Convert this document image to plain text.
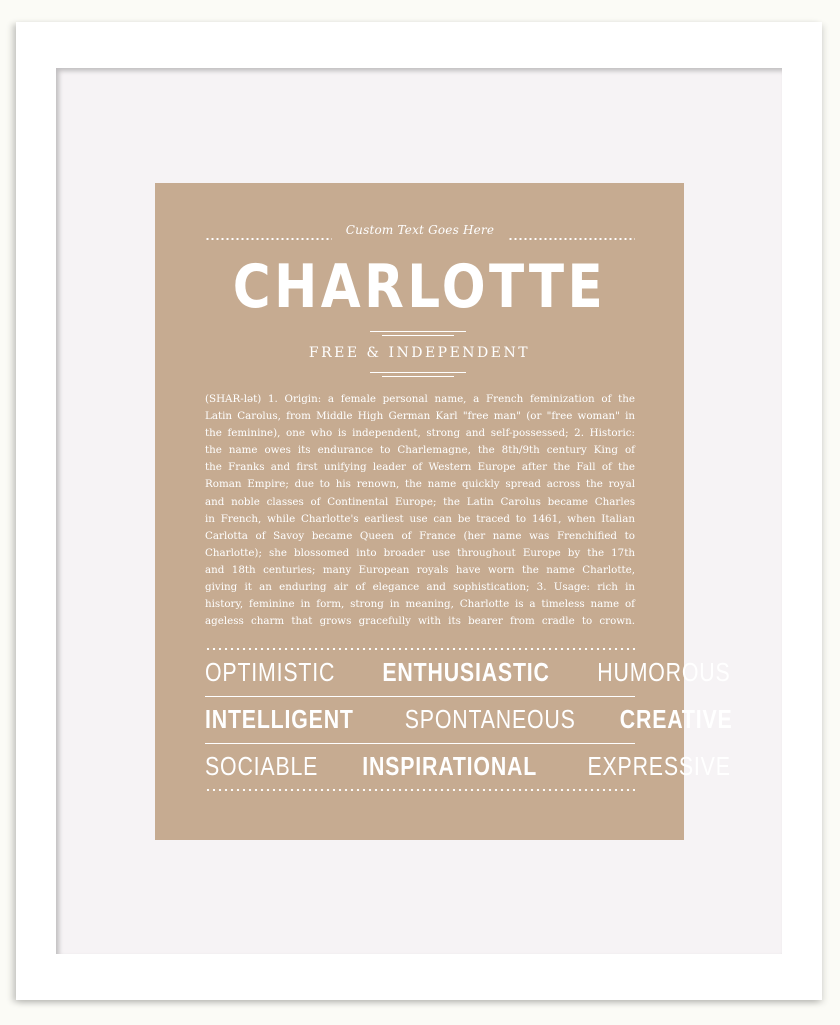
Custom Text Goes Here
CHARLOTTE
FREE & INDEPENDENT
(SHAR-lət) 1. Origin: a female personal name, a French feminization of the
Latin Carolus, from Middle High German Karl "free man" (or "free woman" in
the feminine), one who is independent, strong and self-possessed; 2. Historic:
the name owes its endurance to Charlemagne, the 8th/9th century King of
the Franks and first unifying leader of Western Europe after the Fall of the
Roman Empire; due to his renown, the name quickly spread across the royal
and noble classes of Continental Europe; the Latin Carolus became Charles
in French, while Charlotte's earliest use can be traced to 1461, when Italian
Carlotta of Savoy became Queen of France (her name was Frenchified to
Charlotte); she blossomed into broader use throughout Europe by the 17th
and 18th centuries; many European royals have worn the name Charlotte,
giving it an enduring air of elegance and sophistication; 3. Usage: rich in
history, feminine in form, strong in meaning, Charlotte is a timeless name of
ageless charm that grows gracefully with its bearer from cradle to crown.
OPTIMISTIC ENTHUSIASTIC HUMOROUS
INTELLIGENT SPONTANEOUS CREATIVE
SOCIABLE INSPIRATIONAL EXPRESSIVE
